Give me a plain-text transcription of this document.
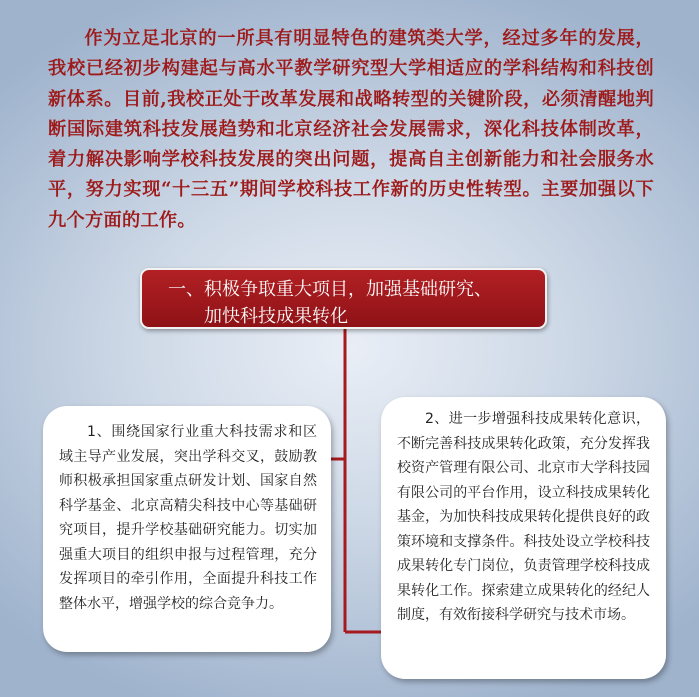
作为立足北京的一所具有明显特色的建筑类大学，经过多年的发展，我校已经初步构建起与高水平教学研究型大学相适应的学科结构和科技创新体系。目前,我校正处于改革发展和战略转型的关键阶段，必须清醒地判断国际建筑科技发展趋势和北京经济社会发展需求，深化科技体制改革，着力解决影响学校科技发展的突出问题，提高自主创新能力和社会服务水平，努力实现“十三五”期间学校科技工作新的历史性转型。主要加强以下九个方面的工作。

一、积极争取重大项目，加强基础研究、
加快科技成果转化

1、围绕国家行业重大科技需求和区域主导产业发展，突出学科交叉，鼓励教师积极承担国家重点研发计划、国家自然科学基金、北京高精尖科技中心等基础研究项目，提升学校基础研究能力。切实加强重大项目的组织申报与过程管理，充分发挥项目的牵引作用，全面提升科技工作整体水平，增强学校的综合竞争力。

2、进一步增强科技成果转化意识，不断完善科技成果转化政策，充分发挥我校资产管理有限公司、北京市大学科技园有限公司的平台作用，设立科技成果转化基金，为加快科技成果转化提供良好的政策环境和支撑条件。科技处设立学校科技成果转化专门岗位，负责管理学校科技成果转化工作。探索建立成果转化的经纪人制度，有效衔接科学研究与技术市场。
